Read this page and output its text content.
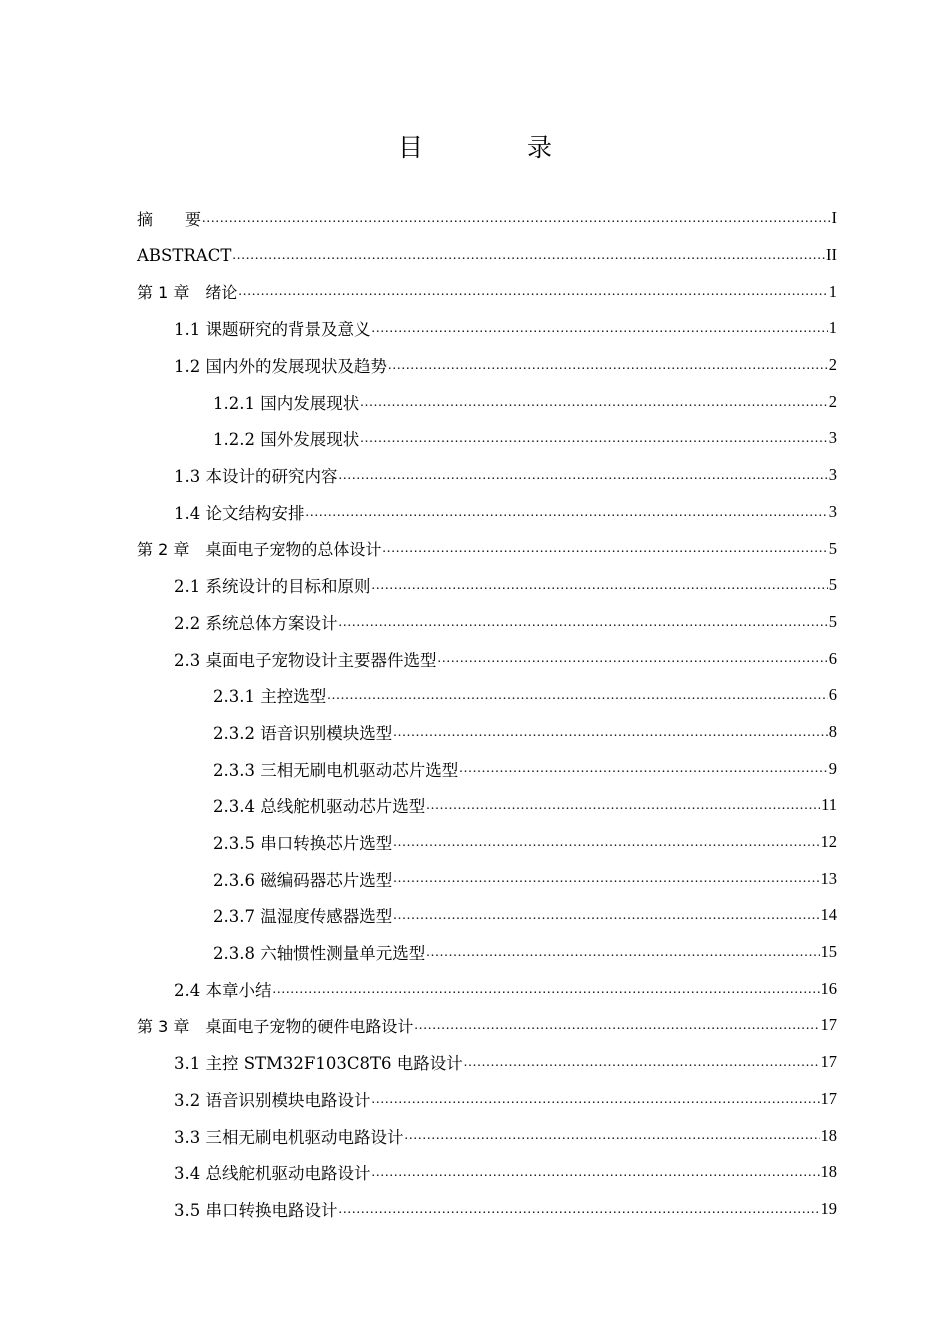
目 录
摘　　要 .....	I
ABSTRACT .....	II
第 1 章　绪论 .....	1
1.1 课题研究的背景及意义 .....	1
1.2 国内外的发展现状及趋势 .....	2
1.2.1 国内发展现状 .....	2
1.2.2 国外发展现状 .....	3
1.3 本设计的研究内容 .....	3
1.4 论文结构安排 .....	3
第 2 章　桌面电子宠物的总体设计 .....	5
2.1 系统设计的目标和原则 .....	5
2.2 系统总体方案设计 .....	5
2.3 桌面电子宠物设计主要器件选型 .....	6
2.3.1 主控选型 .....	6
2.3.2 语音识别模块选型 .....	8
2.3.3 三相无刷电机驱动芯片选型 .....	9
2.3.4 总线舵机驱动芯片选型 .....	11
2.3.5 串口转换芯片选型 .....	12
2.3.6 磁编码器芯片选型 .....	13
2.3.7 温湿度传感器选型 .....	14
2.3.8 六轴惯性测量单元选型 .....	15
2.4 本章小结 .....	16
第 3 章　桌面电子宠物的硬件电路设计 .....	17
3.1 主控 STM32F103C8T6 电路设计 .....	17
3.2 语音识别模块电路设计 .....	17
3.3 三相无刷电机驱动电路设计 .....	18
3.4 总线舵机驱动电路设计 .....	18
3.5 串口转换电路设计 .....	19
